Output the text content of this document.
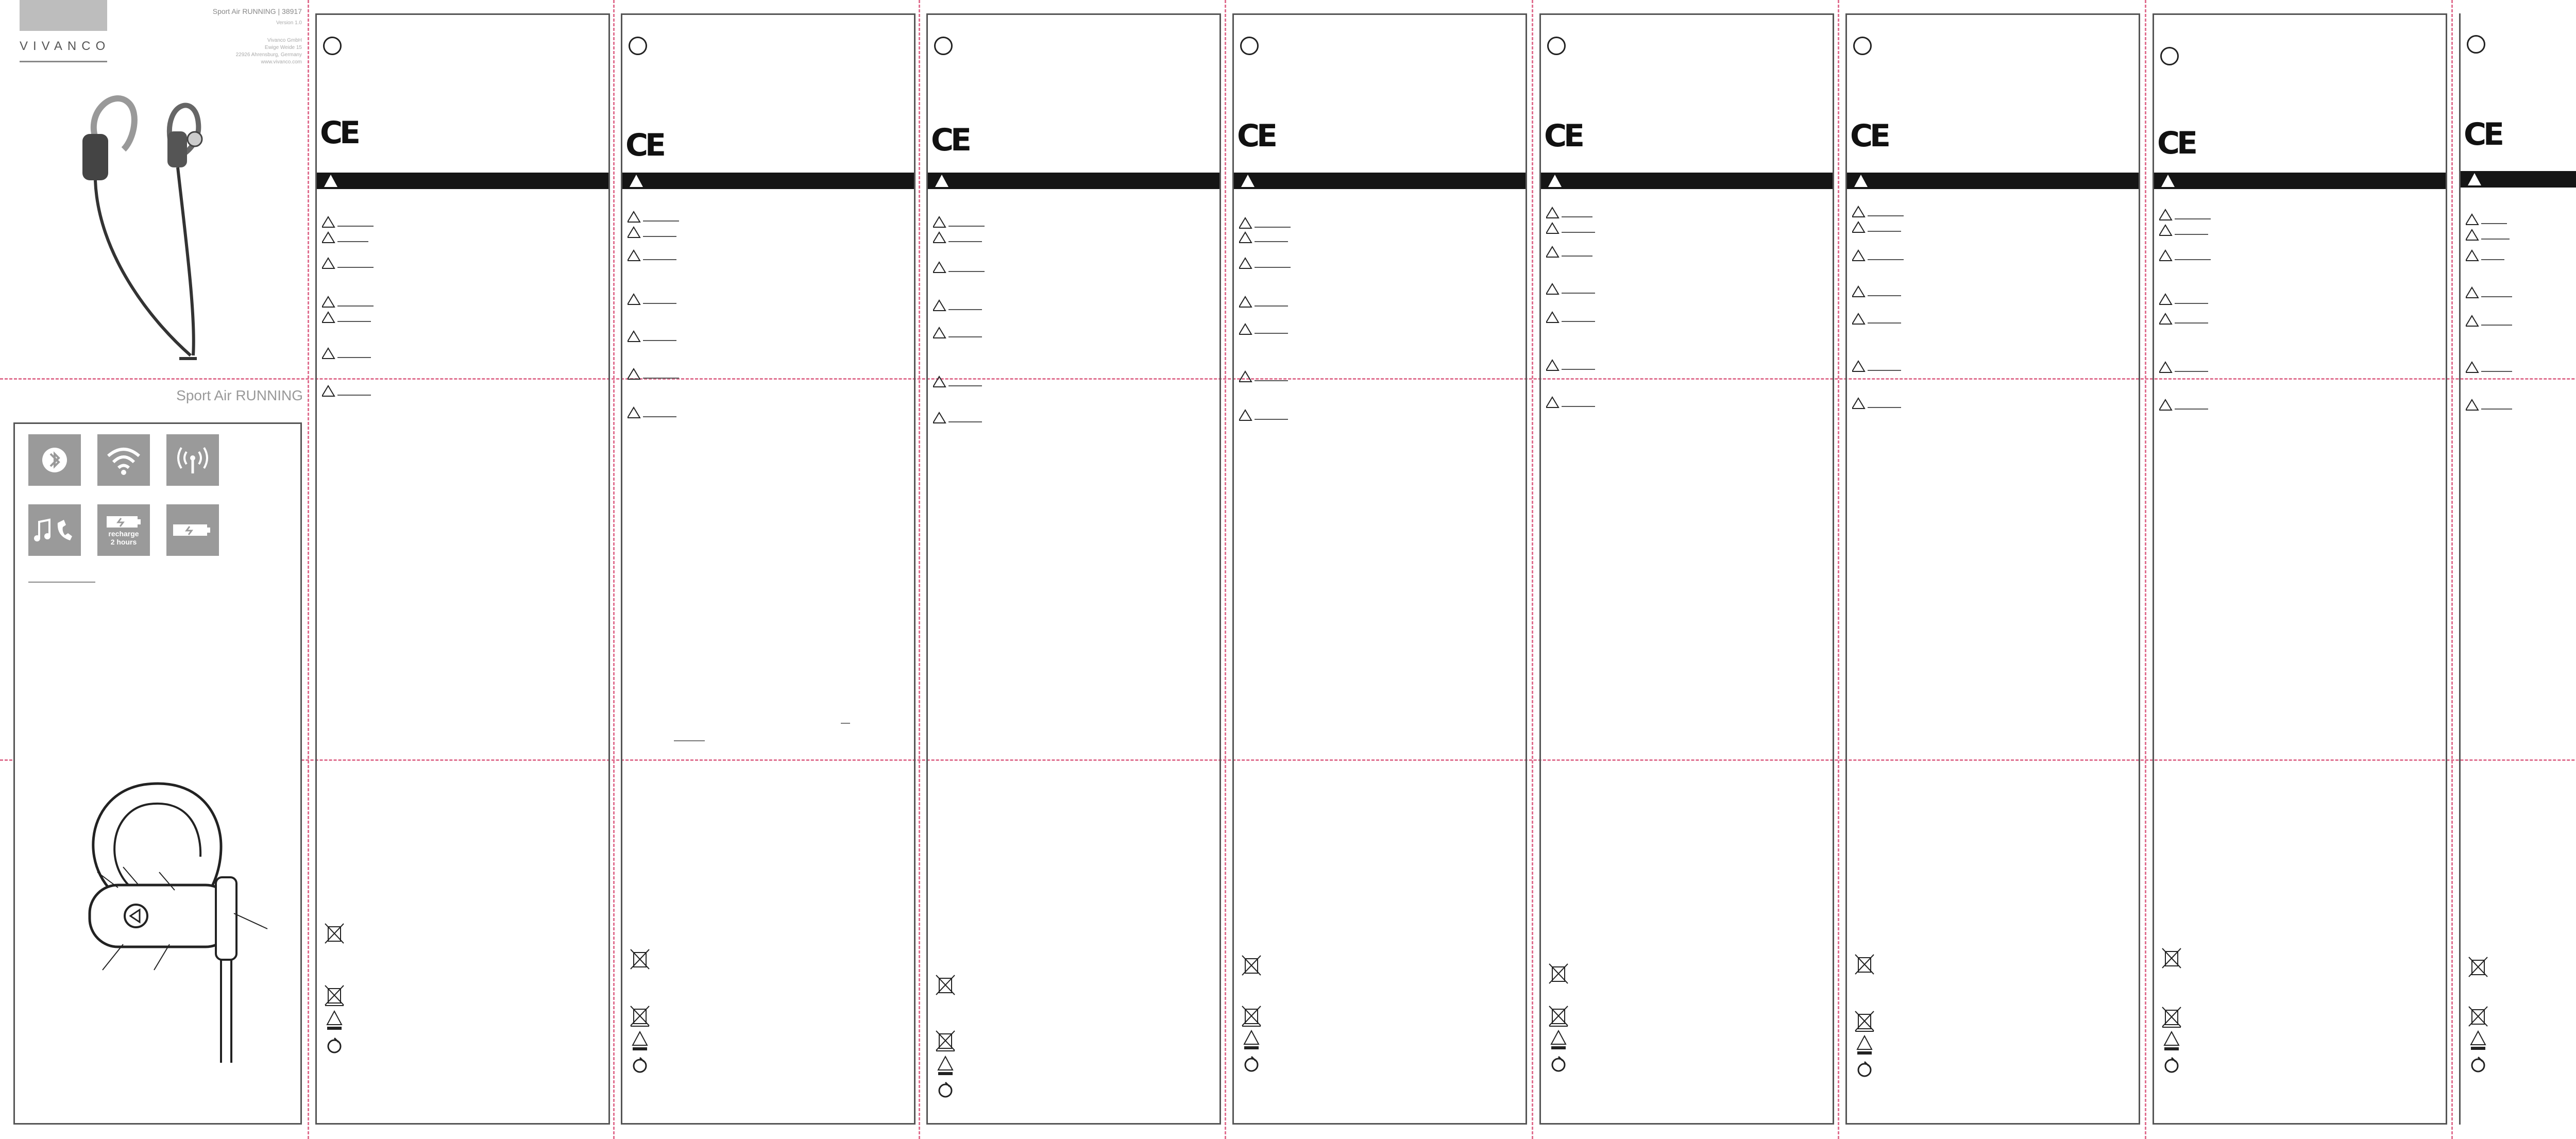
VIVANCO
Sport Air RUNNING | 38917
Version 1.0
Vivanco GmbH
Ewige Weide 15
22926 Ahrensburg, Germany
www.vivanco.com
Sport Air RUNNING
recharge
2 hours
CE	CE	CE	CE	CE	CE	CE	CE
